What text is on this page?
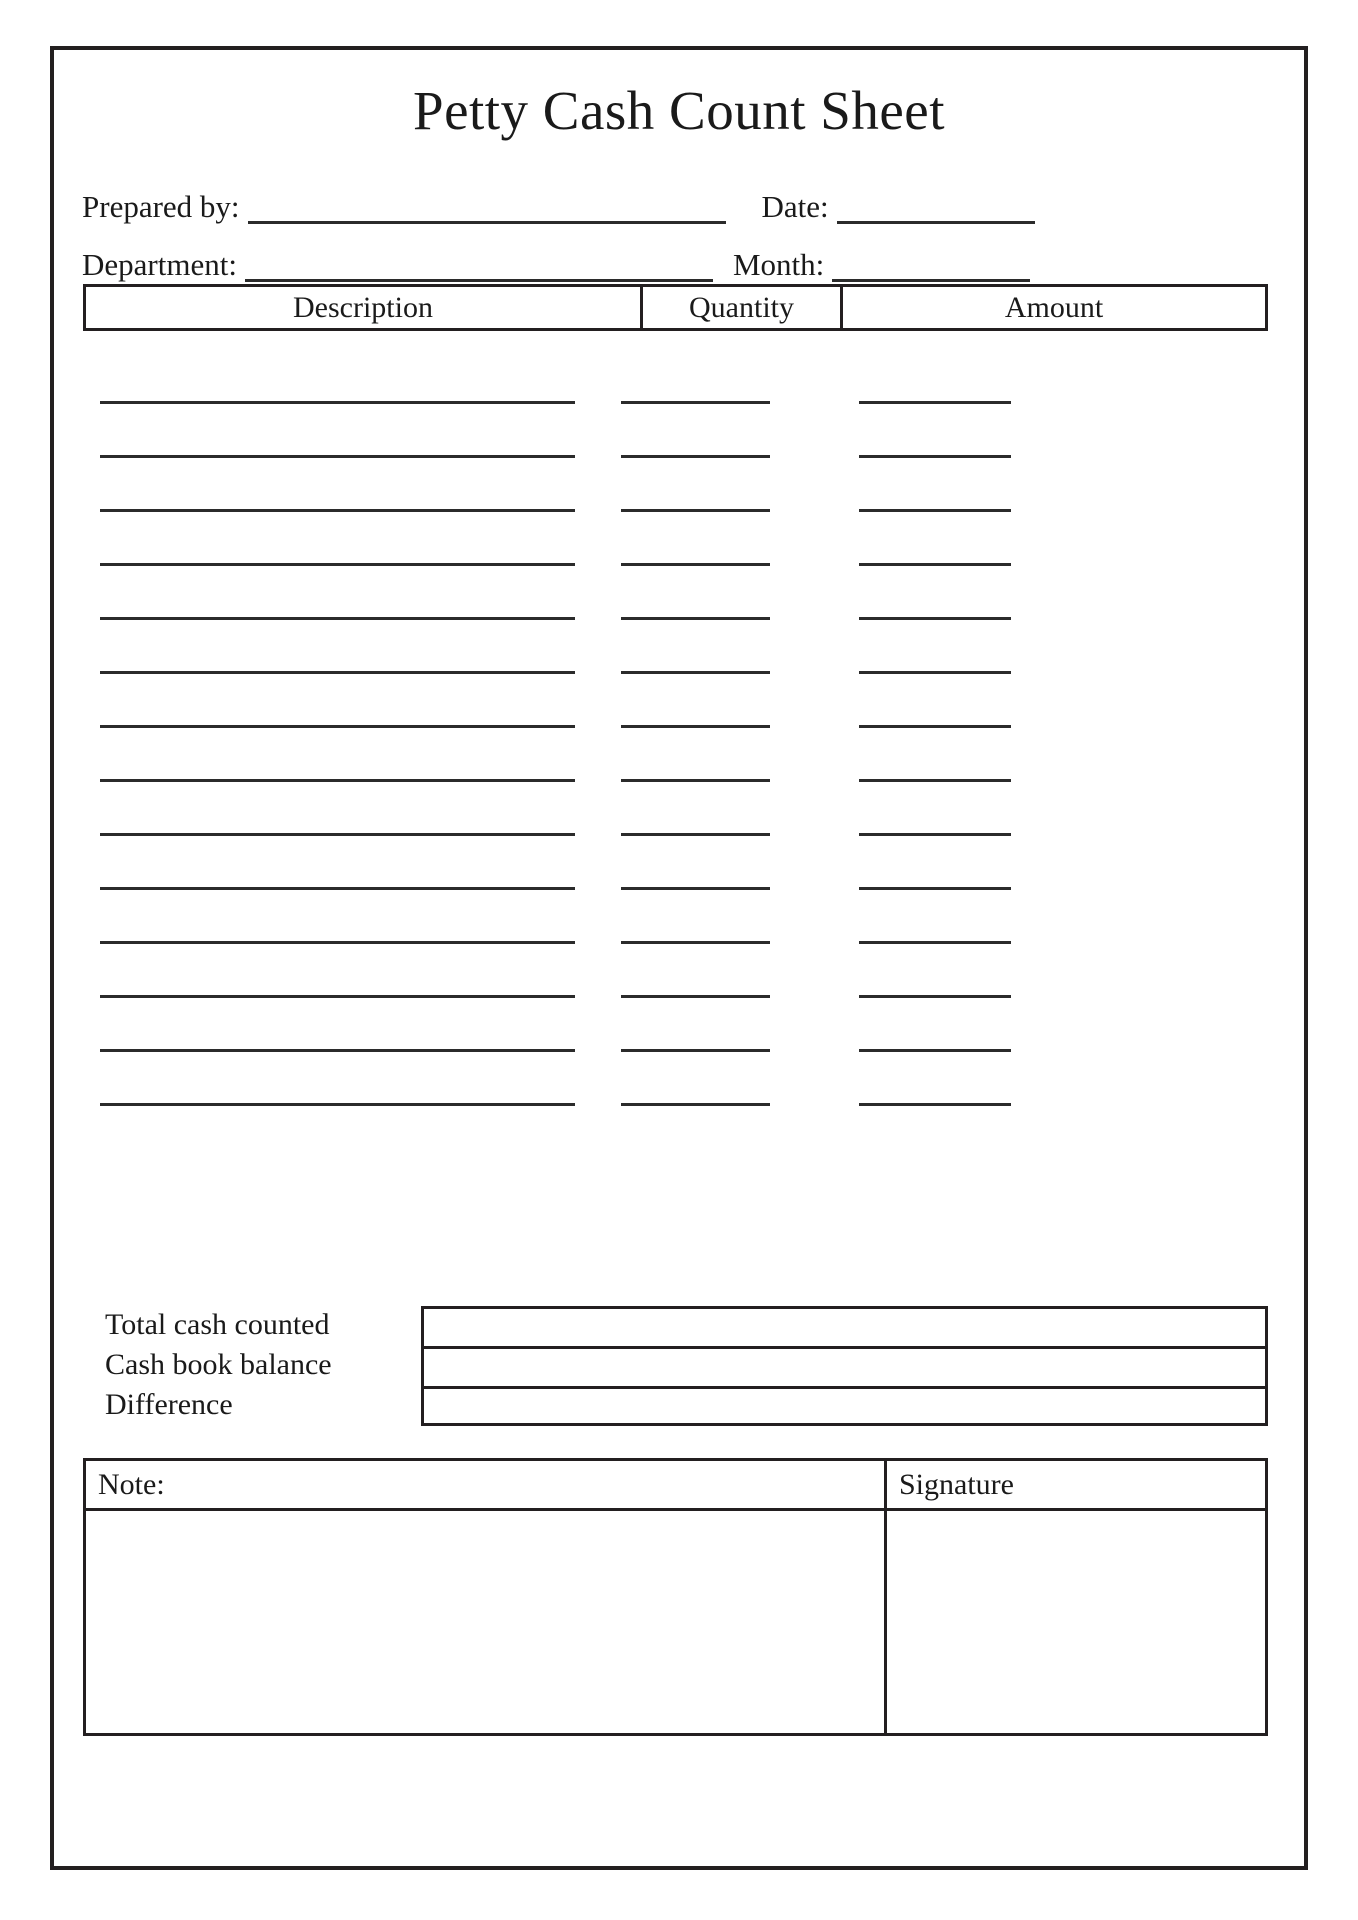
Petty Cash Count Sheet
Prepared by:	Date:
Department:	Month:
Description	Quantity	Amount
Total cash counted
Cash book balance
Difference
Note:	Signature
